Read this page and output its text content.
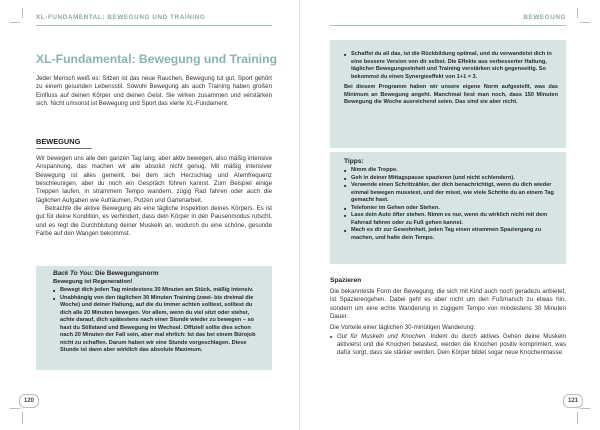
XL-FUNDAMENTAL: BEWEGUNG UND TRAINING
XL-Fundamental: Bewegung und Training

Jeder Mensch weiß es: Sitzen ist das neue Rauchen, Bewegung tut gut, Sport gehört zu einem gesunden Lebensstil. Sowohl Bewegung als auch Training haben großen Einfluss auf deinen Körper und deinen Geist. Sie wirken zusammen und verstärken sich. Nicht umsonst ist Bewegung und Sport das vierte XL-Fundament.

BEWEGUNG

Wir bewegen uns alle den ganzen Tag lang, aber aktiv bewegen, also mäßig intensive Anspannung, das machen wir alle absolut nicht genug. Mit mäßig intensiver Bewegung ist alles gemeint, bei dem sich Herzschlag und Atemfrequenz beschleunigen, aber du noch ein Gespräch führen kannst. Zum Beispiel einige Treppen laufen, in strammem Tempo wandern, zügig Rad fahren oder auch die täglichen Aufgaben wie Aufräumen, Putzen und Gartenarbeit.

Betrachte die aktive Bewegung als eine tägliche Inspektion deines Körpers. Es ist gut für deine Kondition, es verhindert, dass dein Körper in den Pausenmodus rutscht, und es regt die Durchblutung deiner Muskeln an, wodurch du eine schöne, gesunde Farbe auf den Wangen bekommst.

Back To You: Die Bewegungsnorm
Bewegung ist Regeneration!
■ Bewegt dich jeden Tag mindestens 30 Minuten am Stück, mäßig intensiv.
■ Unabhängig von den täglichen 30 Minuten Training (zwei- bis dreimal die Woche) und deiner Haltung, auf die du immer achten solltest, solltest du dich alle 20 Minuten bewegen. Vor allem, wenn du viel sitzt oder stehst, achte darauf, dich spätestens nach einer Stunde wieder zu bewegen – so hast du Stillstand und Bewegung im Wechsel. Offiziell sollte dies schon nach 20 Minuten der Fall sein, aber mal ehrlich: Ist das bei einem Bürojob nicht zu schaffen. Darum haben wir eine Stunde vorgeschlagen. Diese Stunde ist dann aber wirklich das absolute Maximum.
120
BEWEGUNG
■ Schaffst du all das, ist die Rückbildung optimal, und du verwandelst dich in eine bessere Version von dir selbst. Die Effekte aus verbesserter Haltung, täglicher Bewegungseinheit und Training verstärken sich gegenseitig. So bekommst du einen Synergieeffekt von 1+1 = 3.
Bei diesem Programm haben wir unsere eigene Norm aufgestellt, was das Minimum an Bewegung angeht. Manchmal liest man noch, dass 150 Minuten Bewegung die Woche ausreichend seien. Das sind sie aber nicht.
Tipps:
■ Nimm die Treppe.
■ Geh in deiner Mittagspause spazieren (und nicht schlendern).
■ Verwende einen Schrittzähler, der dich benachrichtigt, wenn du dich wieder einmal bewegen musstest, und der misst, wie viele Schritte du an einem Tag gemacht hast.
■ Telefonier im Gehen oder Stehen.
■ Lass dein Auto öfter stehen. Nimm es nur, wenn du wirklich nicht mit dem Fahrrad fahren oder zu Fuß gehen kannst.
■ Mach es dir zur Gewohnheit, jeden Tag einen strammen Spaziergang zu machen, und halte dein Tempo.
Spazieren

Die bekannteste Form der Bewegung, die sich mit Kind auch noch geradezu anbietet, ist Spazierengehen. Dabei geht es aber nicht um den Fußmarsch zu etwas hin, sondern um eine echte Wanderung in zügigem Tempo von mindestens 30 Minuten Dauer.

Die Vorteile einer täglichen 30-minütigen Wanderung:

■ Gut für Muskeln und Knochen. Indem du durch aktives Gehen deine Muskeln aktivierst und die Knochen belastest, werden die Knochen positiv komprimiert, was dafür sorgt, dass sie stärker werden. Dein Körper bildet sogar neue Knochenmasse.
121
